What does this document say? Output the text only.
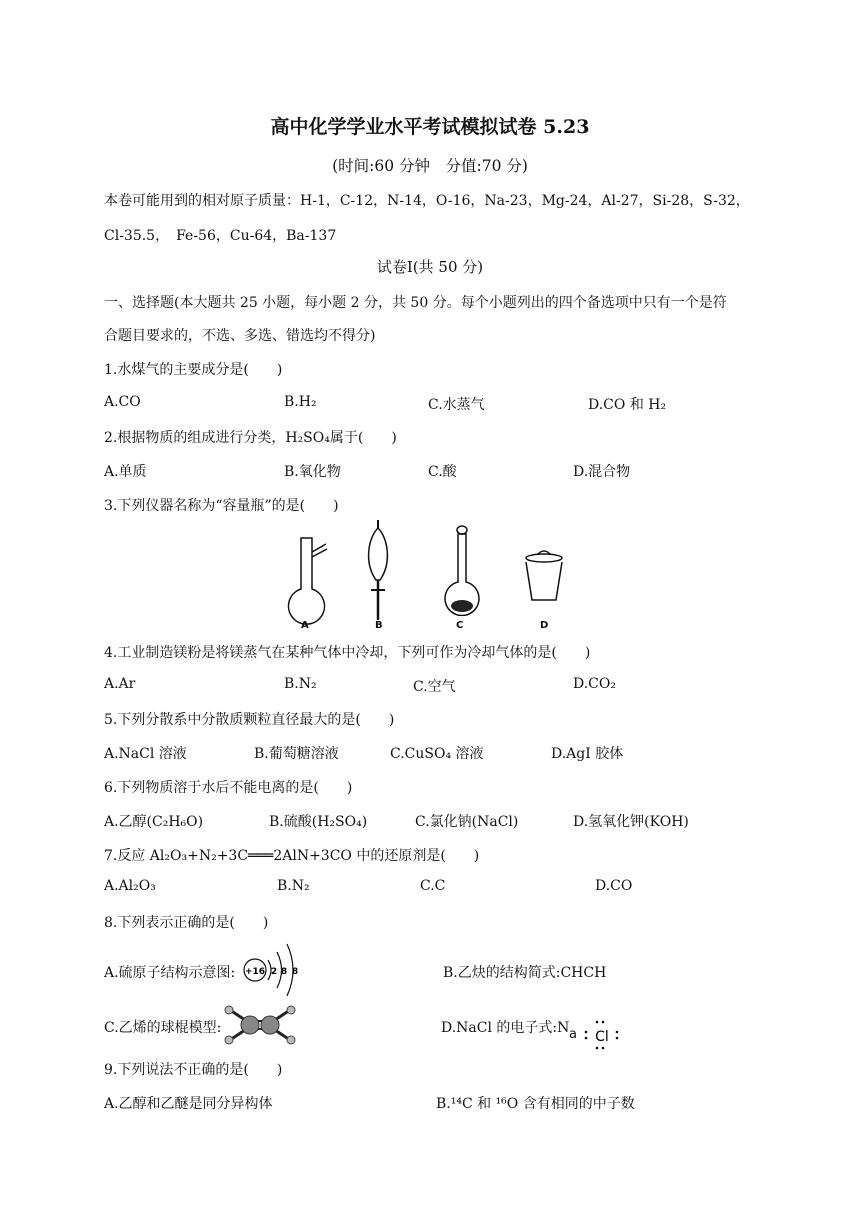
高中化学学业水平考试模拟试卷 5.23
(时间:60 分钟　分值:70 分)
本卷可能用到的相对原子质量：H-1，C-12，N-14，O-16，Na-23，Mg-24，Al-27，Si-28，S-32，
Cl-35.5，　Fe-56，Cu-64，Ba-137
试卷Ⅰ(共 50 分)
一、选择题(本大题共 25 小题，每小题 2 分，共 50 分。每个小题列出的四个备选项中只有一个是符
合题目要求的，不选、多选、错选均不得分)
1.水煤气的主要成分是(　　)
A.CO	B.H₂	C.水蒸气	D.CO 和 H₂
2.根据物质的组成进行分类，H₂SO₄属于(　　)
A.单质	B.氧化物	C.酸	D.混合物
3.下列仪器名称为“容量瓶”的是(　　)
A	B	C	D
4.工业制造镁粉是将镁蒸气在某种气体中冷却，下列可作为冷却气体的是(　　)
A.Ar	B.N₂	C.空气	D.CO₂
5.下列分散系中分散质颗粒直径最大的是(　　)
A.NaCl 溶液	B.葡萄糖溶液	C.CuSO₄ 溶液	D.AgI 胶体
6.下列物质溶于水后不能电离的是(　　)
A.乙醇(C₂H₆O)	B.硫酸(H₂SO₄)	C.氯化钠(NaCl)	D.氢氧化钾(KOH)
7.反应 Al₂O₃+N₂+3C═══2AlN+3CO 中的还原剂是(　　)
A.Al₂O₃	B.N₂	C.C	D.CO
8.下列表示正确的是(　　)
A.硫原子结构示意图: +16 2 8 8	B.乙炔的结构简式:CHCH
C.乙烯的球棍模型:	D.NaCl 的电子式:N a Cl
9.下列说法不正确的是(　　)
A.乙醇和乙醚是同分异构体	B.¹⁴C 和 ¹⁶O 含有相同的中子数
